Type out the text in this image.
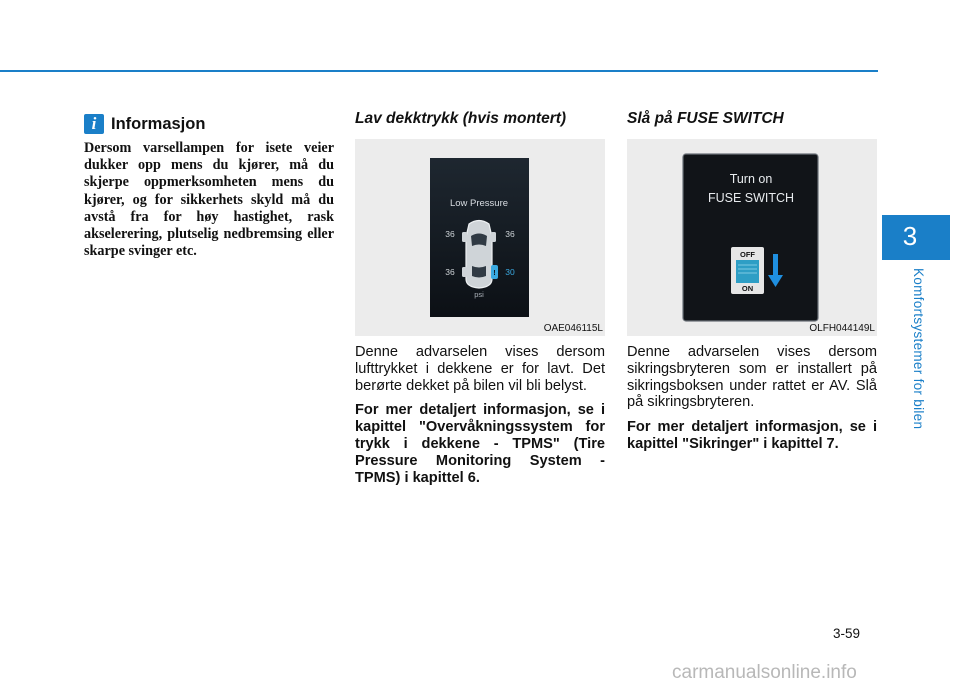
3
Komfortsystemer for bilen
i Informasjon
Dersom varsellampen for isete veier dukker opp mens du kjører, må du skjerpe oppmerksomheten mens du kjører, og for sikkerhets skyld må du avstå fra for høy hastighet, rask akselerering, plutselig nedbremsing eller skarpe svinger etc.
Lav dekktrykk (hvis montert)
Low Pressure
!
36	36
36	30
psi
OAE046115L

Denne advarselen vises dersom lufttrykket i dekkene er for lavt. Det berørte dekket på bilen vil bli belyst.

For mer detaljert informasjon, se i kapittel "Overvåkningssystem for trykk i dekkene - TPMS" (Tire Pressure Monitoring System - TPMS) i kapittel 6.

Slå på FUSE SWITCH
Turn on
FUSE SWITCH
OFF
ON
OLFH044149L

Denne advarselen vises dersom sikringsbryteren som er installert på sikringsboksen under rattet er AV. Slå på sikringsbryteren.

For mer detaljert informasjon, se i kapittel "Sikringer" i kapittel 7.

3-59
carmanualsonline.info
